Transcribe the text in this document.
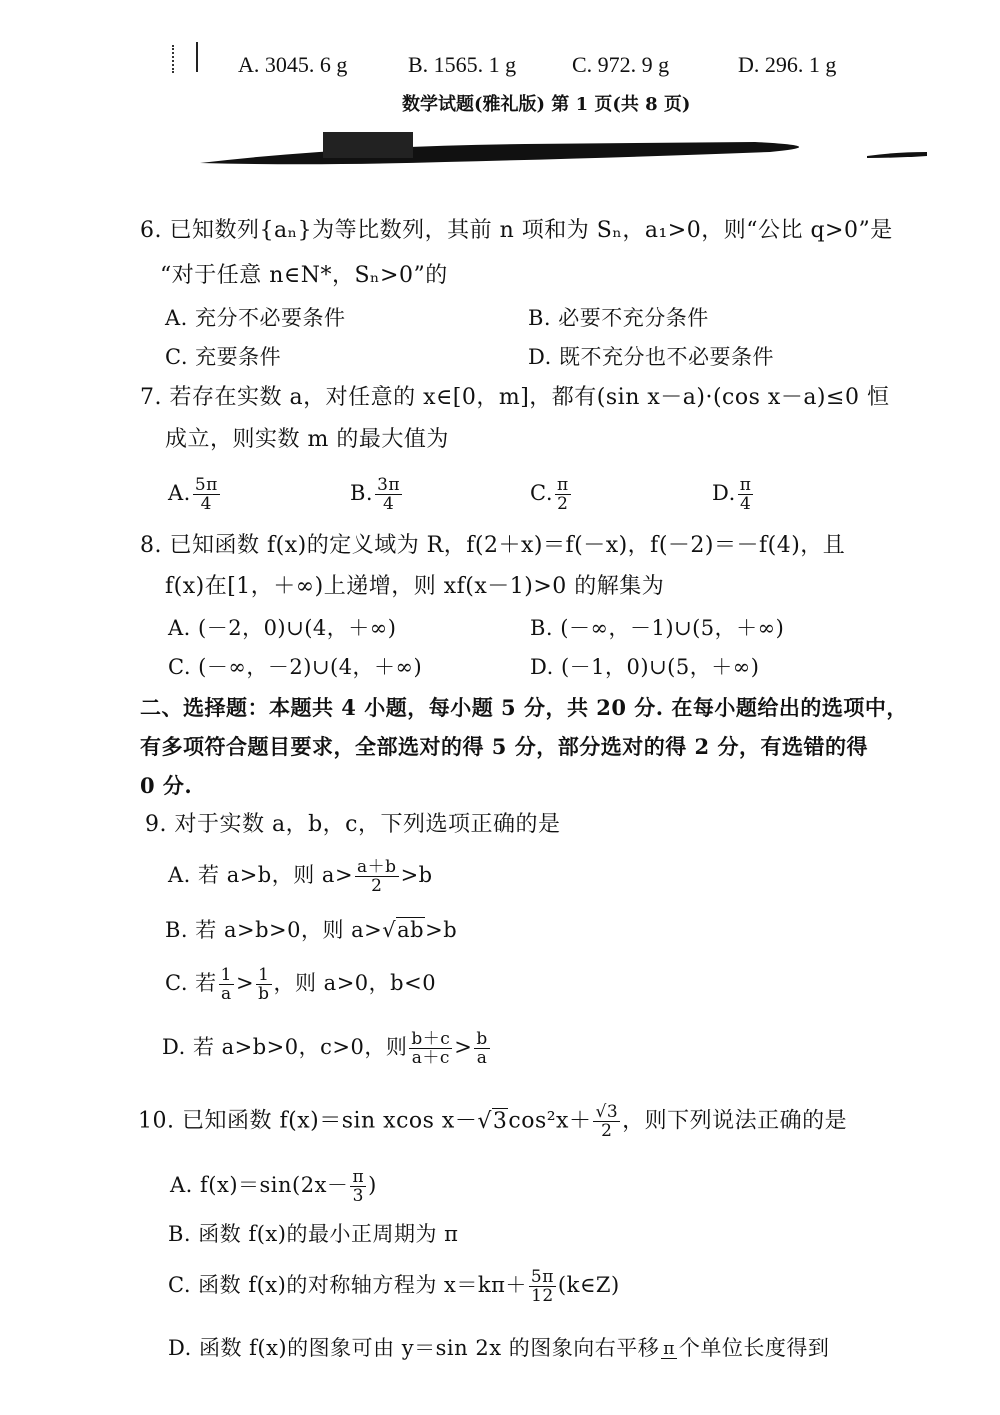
A. 3045. 6 g	B. 1565. 1 g	C. 972. 9 g	D. 296. 1 g
数学试题(雅礼版) 第 1 页(共 8 页)
6. 已知数列{aₙ}为等比数列，其前 n 项和为 Sₙ，a₁>0，则“公比 q>0”是
“对于任意 n∈N*，Sₙ>0”的
A. 充分不必要条件	B. 必要不充分条件
C. 充要条件	D. 既不充分也不必要条件
7. 若存在实数 a，对任意的 x∈[0，m]，都有(sin x－a)·(cos x－a)≤0 恒
成立，则实数 m 的最大值为
A. $\frac{5\pi}{4}$	B. $\frac{3\pi}{4}$	C. $\frac{\pi}{2}$	D. $\frac{\pi}{4}$
8. 已知函数 f(x)的定义域为 R，f(2＋x)＝f(－x)，f(－2)＝－f(4)，且
f(x)在[1，＋∞)上递增，则 xf(x－1)>0 的解集为
A. (－2，0)∪(4，＋∞)	B. (－∞，－1)∪(5，＋∞)
C. (－∞，－2)∪(4，＋∞)	D. (－1，0)∪(5，＋∞)
二、选择题：本题共 4 小题，每小题 5 分，共 20 分. 在每小题给出的选项中，
有多项符合题目要求，全部选对的得 5 分，部分选对的得 2 分，有选错的得
0 分.
9. 对于实数 a，b，c，下列选项正确的是
A. 若 a>b，则 $a> \frac{a+b}{2} >b$
B. 若 a>b>0，则 a>√ab>b
C. 若 $\frac{1}{a} > \frac{1}{b}$ ，则 a>0，b<0
D. 若 a>b>0，c>0，则 $\frac{b+c}{a+c} > \frac{b}{a}$
10. 已知函数 f(x)＝sin xcos $x-√3\cos^2x+ \frac{√3}{2}$ ，则下列说法正确的是
A. $f(x)=\sin(2x- \frac{\pi}{3}$ )
B. 函数 f(x)的最小正周期为 π
C. 函数 f(x)的对称轴方程为 $x=k\pi+ \frac{5\pi}{12}$ (k∈Z)
D. 函数 f(x)的图象可由 y＝sin 2x 的图象向右平移 π 个单位长度得到
